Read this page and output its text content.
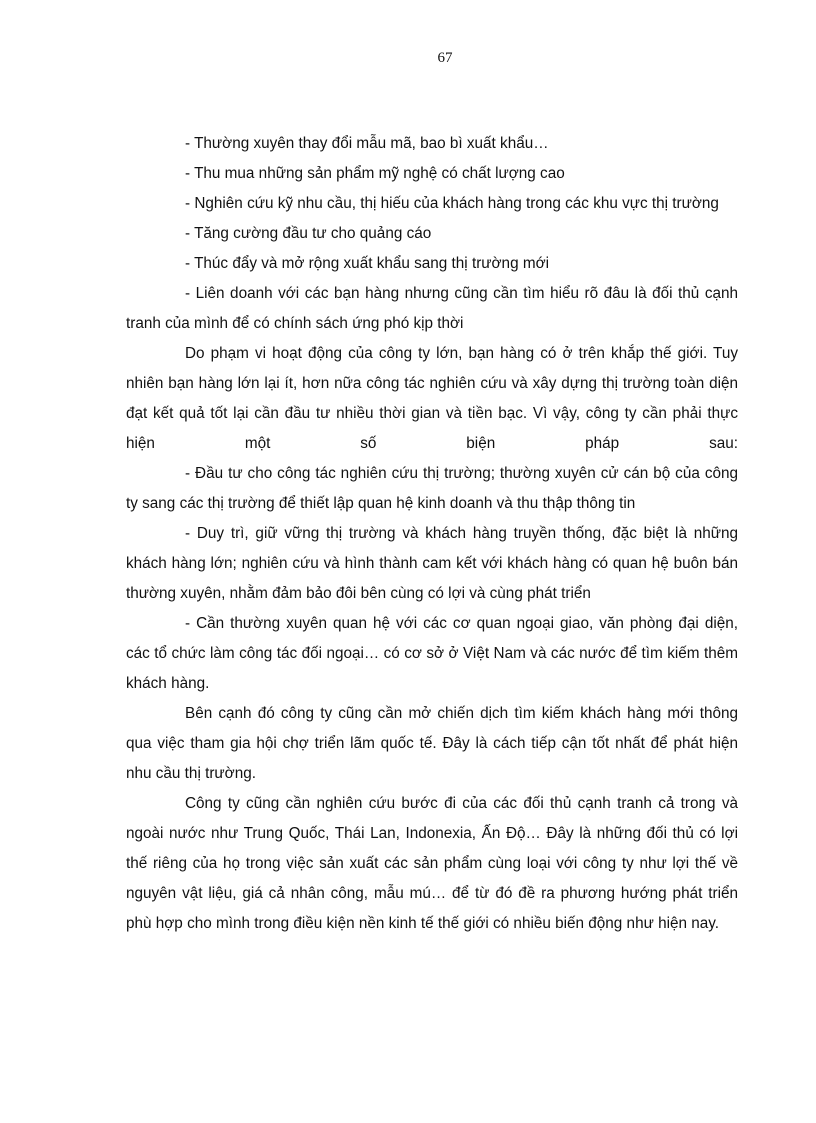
67

- Thường xuyên thay đổi mẫu mã, bao bì xuất khẩu…

- Thu mua những sản phẩm mỹ nghệ có chất lượng cao

- Nghiên cứu kỹ nhu cầu, thị hiếu của khách hàng trong các khu vực thị trường

- Tăng cường đầu tư cho quảng cáo

- Thúc đẩy và mở rộng xuất khẩu sang thị trường mới

- Liên doanh với các bạn hàng nhưng cũng cần tìm hiểu rõ đâu là đối thủ cạnh tranh của mình để có chính sách ứng phó kịp thời

Do phạm vi hoạt động của công ty lớn, bạn hàng có ở trên khắp thế giới. Tuy nhiên bạn hàng lớn lại ít, hơn nữa công tác nghiên cứu và xây dựng thị trường toàn diện đạt kết quả tốt lại cần đầu tư nhiều thời gian và tiền bạc. Vì vậy, công ty cần phải thực hiện một số biện pháp sau:

- Đầu tư cho công tác nghiên cứu thị trường; thường xuyên cử cán bộ của công ty sang các thị trường để thiết lập quan hệ kinh doanh và thu thập thông tin

- Duy trì, giữ vững thị trường và khách hàng truyền thống, đặc biệt là những khách hàng lớn; nghiên cứu và hình thành cam kết với khách hàng có quan hệ buôn bán thường xuyên, nhằm đảm bảo đôi bên cùng có lợi và cùng phát triển

- Cần thường xuyên quan hệ với các cơ quan ngoại giao, văn phòng đại diện, các tổ chức làm công tác đối ngoại… có cơ sở ở Việt Nam và các nước để tìm kiếm thêm khách hàng.

Bên cạnh đó công ty cũng cần mở chiến dịch tìm kiếm khách hàng mới thông qua việc tham gia hội chợ triển lãm quốc tế. Đây là cách tiếp cận tốt nhất để phát hiện nhu cầu thị trường.

Công ty cũng cần nghiên cứu bước đi của các đối thủ cạnh tranh cả trong và ngoài nước như Trung Quốc, Thái Lan, Indonexia, Ấn Độ… Đây là những đối thủ có lợi thế riêng của họ trong việc sản xuất các sản phẩm cùng loại với công ty như lợi thế về nguyên vật liệu, giá cả nhân công, mẫu mú… để từ đó đề ra phương hướng phát triển phù hợp cho mình trong điều kiện nền kinh tế thế giới có nhiều biến động như hiện nay.
